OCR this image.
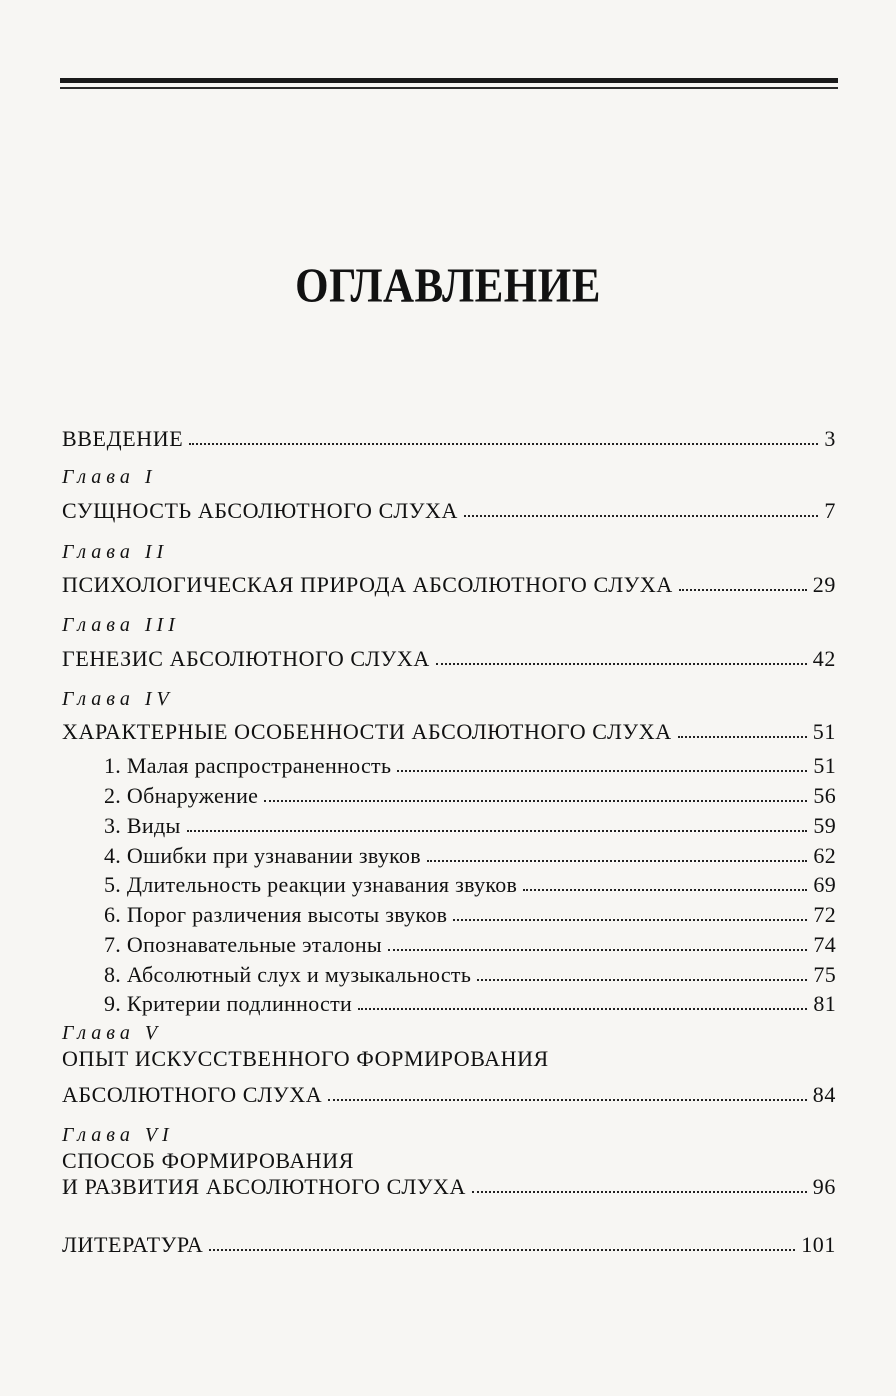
ОГЛАВЛЕНИЕ
ВВЕДЕНИЕ	3
Глава I
СУЩНОСТЬ АБСОЛЮТНОГО СЛУХА	7
Глава II
ПСИХОЛОГИЧЕСКАЯ ПРИРОДА АБСОЛЮТНОГО СЛУХА	29
Глава III
ГЕНЕЗИС АБСОЛЮТНОГО СЛУХА	42
Глава IV
ХАРАКТЕРНЫЕ ОСОБЕННОСТИ АБСОЛЮТНОГО СЛУХА	51
1. Малая распространенность	51
2. Обнаружение	56
3. Виды	59
4. Ошибки при узнавании звуков	62
5. Длительность реакции узнавания звуков	69
6. Порог различения высоты звуков	72
7. Опознавательные эталоны	74
8. Абсолютный слух и музыкальность	75
9. Критерии подлинности	81
Глава V
ОПЫТ ИСКУССТВЕННОГО ФОРМИРОВАНИЯ
АБСОЛЮТНОГО СЛУХА	84
Глава VI
СПОСОБ ФОРМИРОВАНИЯ
И РАЗВИТИЯ АБСОЛЮТНОГО СЛУХА	96
ЛИТЕРАТУРА	101
